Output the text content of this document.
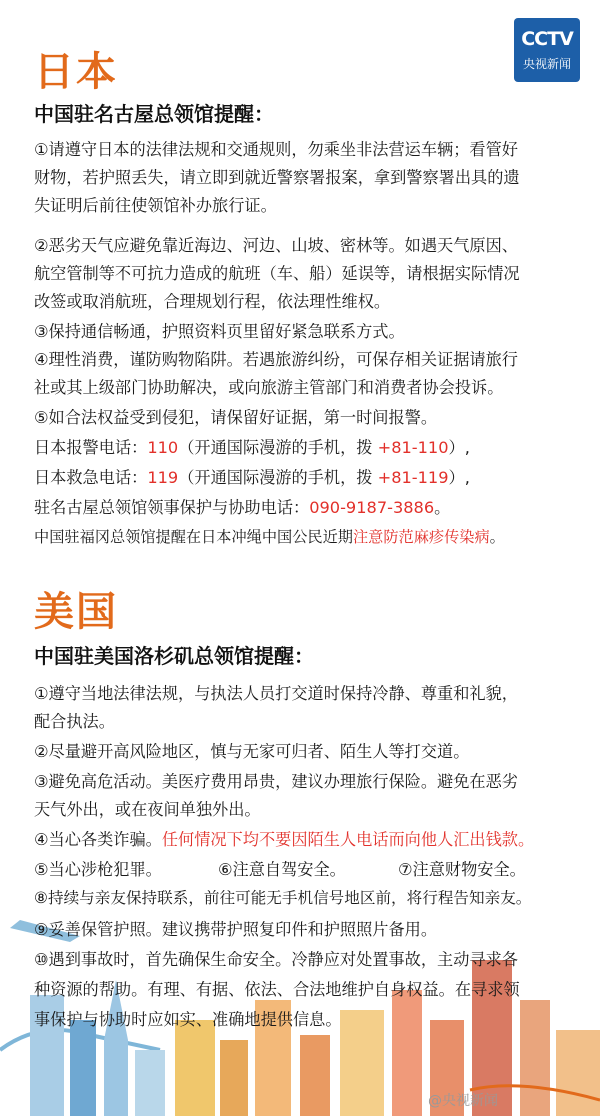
CCTV
央视新闻
日本
中国驻名古屋总领馆提醒：
①请遵守日本的法律法规和交通规则，勿乘坐非法营运车辆；看管好
财物，若护照丢失，请立即到就近警察署报案，拿到警察署出具的遗
失证明后前往使领馆补办旅行证。
②恶劣天气应避免靠近海边、河边、山坡、密林等。如遇天气原因、
航空管制等不可抗力造成的航班（车、船）延误等，请根据实际情况
改签或取消航班，合理规划行程，依法理性维权。
③保持通信畅通，护照资料页里留好紧急联系方式。
④理性消费，谨防购物陷阱。若遇旅游纠纷，可保存相关证据请旅行
社或其上级部门协助解决，或向旅游主管部门和消费者协会投诉。
⑤如合法权益受到侵犯，请保留好证据，第一时间报警。
日本报警电话：110（开通国际漫游的手机，拨 +81-110）,
日本救急电话：119（开通国际漫游的手机，拨 +81-119）,
驻名古屋总领馆领事保护与协助电话：090-9187-3886。
中国驻福冈总领馆提醒在日本冲绳中国公民近期注意防范麻疹传染病。
美国
中国驻美国洛杉矶总领馆提醒：
①遵守当地法律法规，与执法人员打交道时保持冷静、尊重和礼貌，
配合执法。
②尽量避开高风险地区，慎与无家可归者、陌生人等打交道。
③避免高危活动。美医疗费用昂贵，建议办理旅行保险。避免在恶劣
天气外出，或在夜间单独外出。
④当心各类诈骗。任何情况下均不要因陌生人电话而向他人汇出钱款。
⑤当心涉枪犯罪。	⑥注意自驾安全。	⑦注意财物安全。
⑧持续与亲友保持联系，前往可能无手机信号地区前，将行程告知亲友。
⑨妥善保管护照。建议携带护照复印件和护照照片备用。
⑩遇到事故时，首先确保生命安全。冷静应对处置事故，主动寻求各
种资源的帮助。有理、有据、依法、合法地维护自身权益。在寻求领
事保护与协助时应如实、准确地提供信息。
@央视新闻
